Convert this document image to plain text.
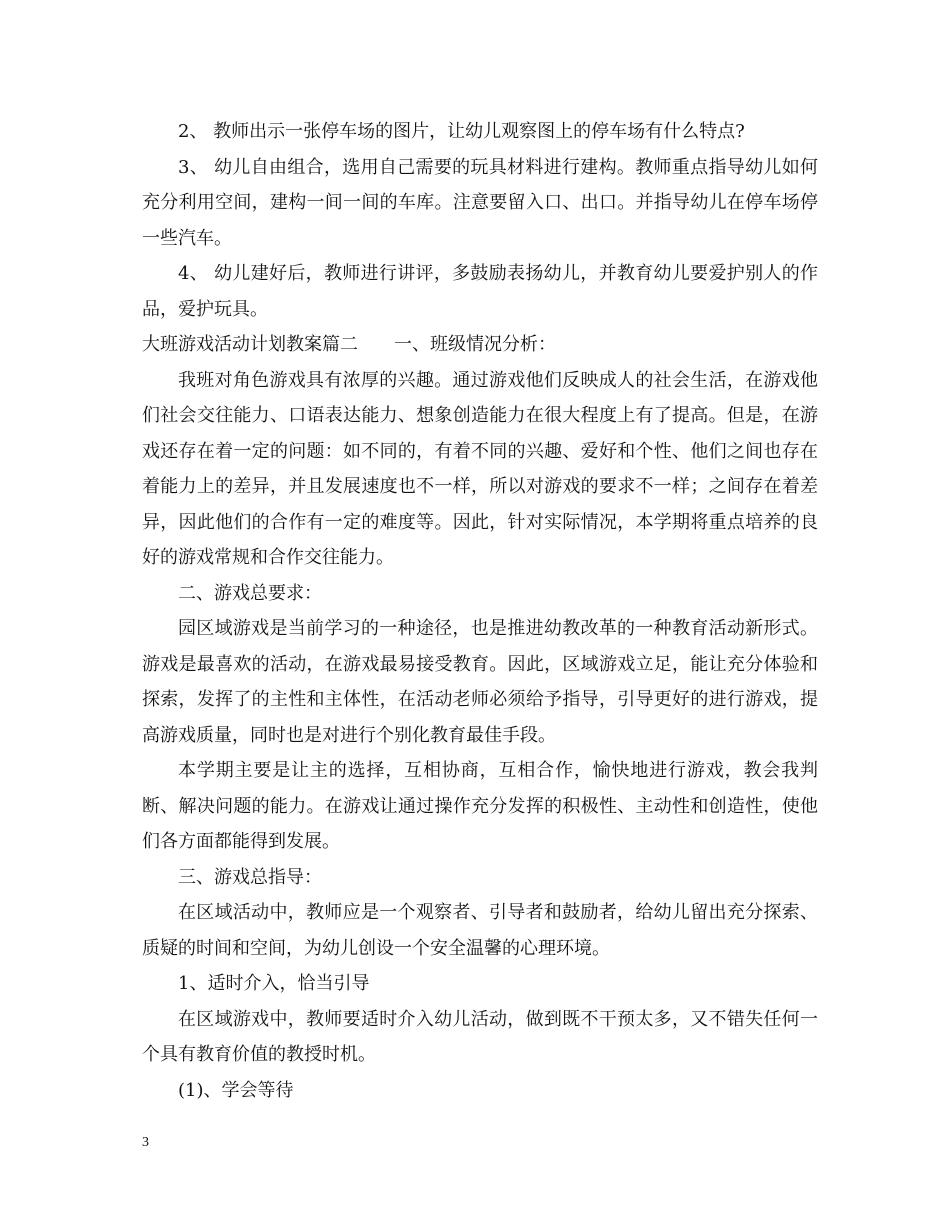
2、 教师出示一张停车场的图片，让幼儿观察图上的停车场有什么特点?

3、 幼儿自由组合，选用自己需要的玩具材料进行建构。教师重点指导幼儿如何充分利用空间，建构一间一间的车库。注意要留入口、出口。并指导幼儿在停车场停一些汽车。

4、 幼儿建好后，教师进行讲评，多鼓励表扬幼儿，并教育幼儿要爱护别人的作品，爱护玩具。

大班游戏活动计划教案篇二　　一、班级情况分析：

我班对角色游戏具有浓厚的兴趣。通过游戏他们反映成人的社会生活，在游戏他们社会交往能力、口语表达能力、想象创造能力在很大程度上有了提高。但是，在游戏还存在着一定的问题：如不同的，有着不同的兴趣、爱好和个性、他们之间也存在着能力上的差异，并且发展速度也不一样，所以对游戏的要求不一样；之间存在着差异，因此他们的合作有一定的难度等。因此，针对实际情况，本学期将重点培养的良好的游戏常规和合作交往能力。

二、游戏总要求：

园区域游戏是当前学习的一种途径，也是推进幼教改革的一种教育活动新形式。游戏是最喜欢的活动，在游戏最易接受教育。因此，区域游戏立足，能让充分体验和探索，发挥了的主性和主体性，在活动老师必须给予指导，引导更好的进行游戏，提高游戏质量，同时也是对进行个别化教育最佳手段。

本学期主要是让主的选择，互相协商，互相合作，愉快地进行游戏，教会我判断、解决问题的能力。在游戏让通过操作充分发挥的积极性、主动性和创造性，使他们各方面都能得到发展。

三、游戏总指导：

在区域活动中，教师应是一个观察者、引导者和鼓励者，给幼儿留出充分探索、质疑的时间和空间，为幼儿创设一个安全温馨的心理环境。

1、适时介入，恰当引导

在区域游戏中，教师要适时介入幼儿活动，做到既不干预太多，又不错失任何一个具有教育价值的教授时机。

(1)、学会等待

3
